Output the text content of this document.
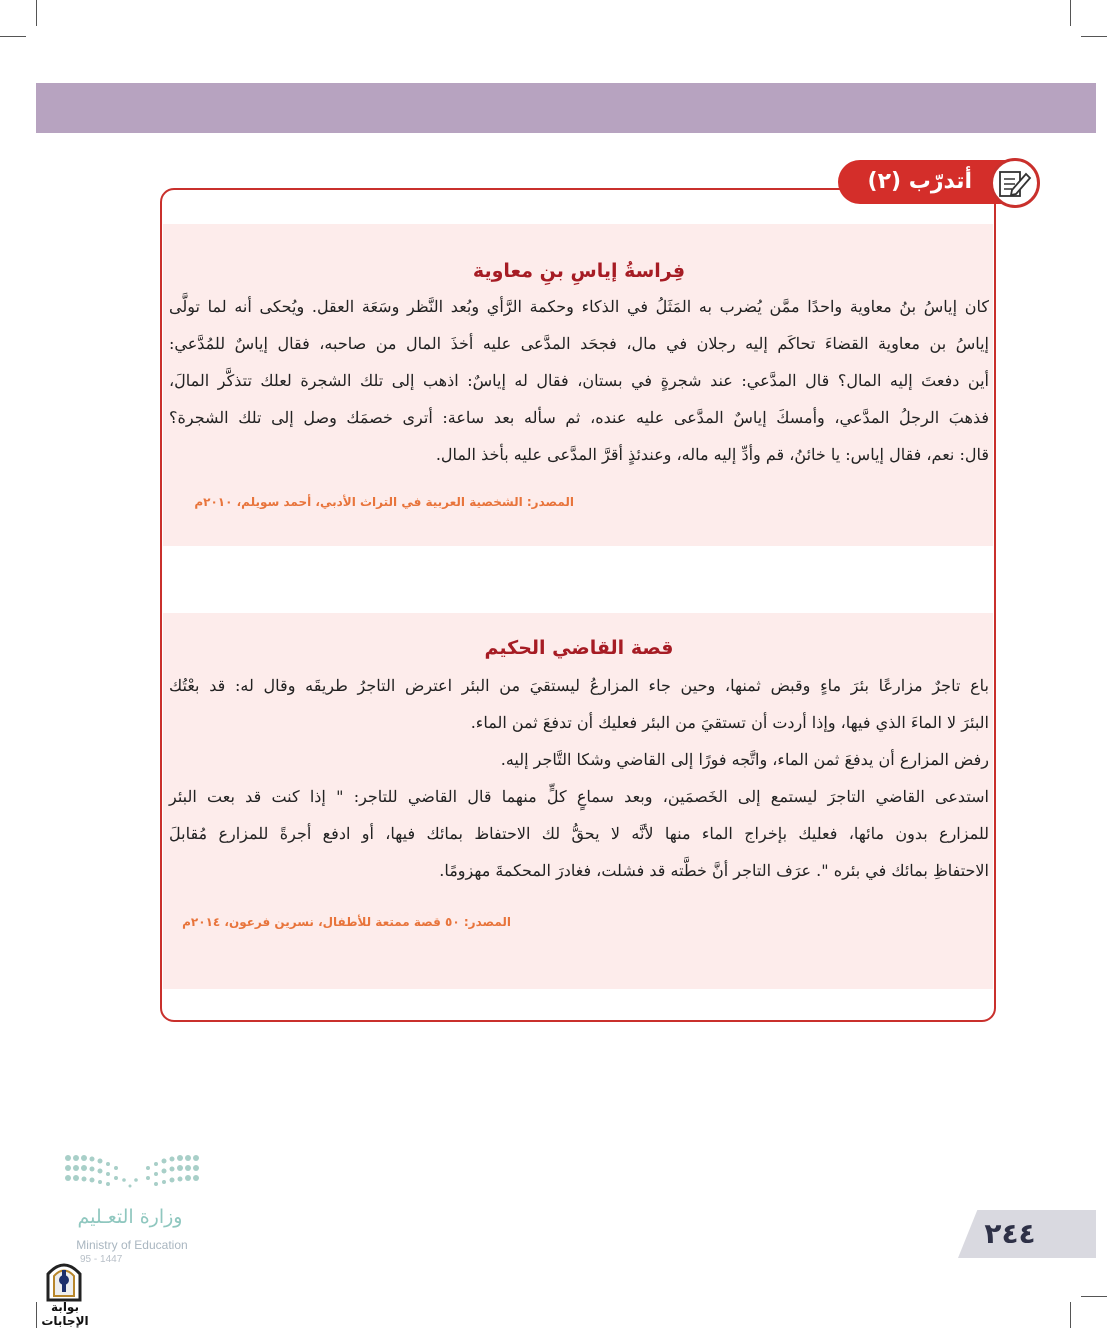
أتدرّب (٢)
فِراسةُ إياسِ بنِ معاوية
كان إياسُ بنُ معاوية واحدًا ممَّن يُضرب به المَثَلُ في الذكاء وحكمة الرَّأي وبُعد النَّظر وسَعَة العقل. ويُحكى أنه لما تولَّى
إياسُ بن معاوية القضاءَ تحاكَم إليه رجلان في مال، فجحَد المدَّعى عليه أخذَ المال من صاحبه، فقال إياسٌ للمُدَّعي:
أين دفعتَ إليه المال؟ قال المدَّعي: عند شجرةٍ في بستان، فقال له إياسٌ: اذهب إلى تلك الشجرة لعلك تتذكَّر المالَ،
فذهبَ الرجلُ المدَّعي، وأمسكَ إياسٌ المدَّعى عليه عنده، ثم سأله بعد ساعة: أترى خصمَك وصل إلى تلك الشجرة؟
قال: نعم، فقال إياس: يا خائنُ، قم وأدِّ إليه ماله، وعندئذٍ أقرَّ المدَّعى عليه بأخذ المال.
المصدر: الشخصية العربية في التراث الأدبي، أحمد سويلم، ٢٠١٠م
قصة القاضي الحكيم
باع تاجرٌ مزارعًا بئرَ ماءٍ وقبض ثمنها، وحين جاء المزارعُ ليستقيَ من البئر اعترض التاجرُ طريقَه وقال له: قد بعْتُك
البئرَ لا الماءَ الذي فيها، وإذا أردت أن تستقيَ من البئر فعليك أن تدفعَ ثمن الماء.
رفض المزارع أن يدفعَ ثمن الماء، واتَّجه فورًا إلى القاضي وشكا التَّاجر إليه.
استدعى القاضي التاجرَ ليستمع إلى الخَصمَين، وبعد سماعٍ كلٍّ منهما قال القاضي للتاجر: " إذا كنت قد بعت البئر
للمزارع بدون مائها، فعليك بإخراج الماء منها لأنَّه لا يحقُّ لك الاحتفاظ بمائك فيها، أو ادفع أجرةً للمزارع مُقابلَ
الاحتفاظِ بمائك في بئره ". عرَف التاجر أنَّ خطَّته قد فشلت، فغادرَ المحكمةَ مهزومًا.
المصدر: ٥٠ قصة ممتعة للأطفال، نسرين فرعون، ٢٠١٤م
٢٤٤
وزارة التعـليم
Ministry of Education
95 - 1447
بوابة الإجابات
